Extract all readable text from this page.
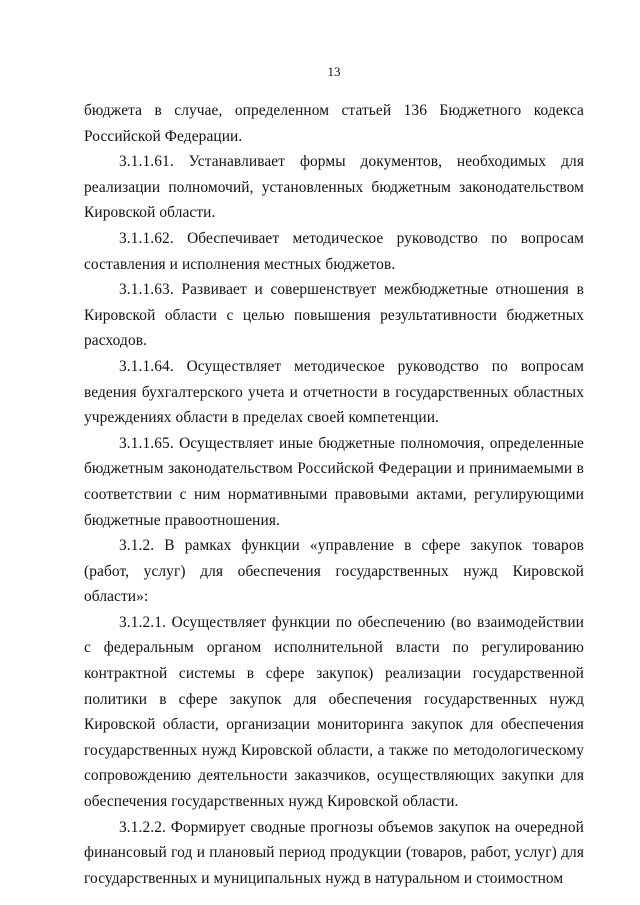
13

бюджета в случае, определенном статьей 136 Бюджетного кодекса Российской Федерации.

3.1.1.61. Устанавливает формы документов, необходимых для реализации полномочий, установленных бюджетным законодательством Кировской области.

3.1.1.62. Обеспечивает методическое руководство по вопросам составления и исполнения местных бюджетов.

3.1.1.63. Развивает и совершенствует межбюджетные отношения в Кировской области с целью повышения результативности бюджетных расходов.

3.1.1.64. Осуществляет методическое руководство по вопросам ведения бухгалтерского учета и отчетности в государственных областных учреждениях области в пределах своей компетенции.

3.1.1.65. Осуществляет иные бюджетные полномочия, определенные бюджетным законодательством Российской Федерации и принимаемыми в соответствии с ним нормативными правовыми актами, регулирующими бюджетные правоотношения.

3.1.2. В рамках функции «управление в сфере закупок товаров (работ, услуг) для обеспечения государственных нужд Кировской области»:

3.1.2.1. Осуществляет функции по обеспечению (во взаимодействии с федеральным органом исполнительной власти по регулированию контрактной системы в сфере закупок) реализации государственной политики в сфере закупок для обеспечения государственных нужд Кировской области, организации мониторинга закупок для обеспечения государственных нужд Кировской области, а также по методологическому сопровождению деятельности заказчиков, осуществляющих закупки для обеспечения государственных нужд Кировской области.

3.1.2.2. Формирует сводные прогнозы объемов закупок на очередной финансовый год и плановый период продукции (товаров, работ, услуг) для государственных и муниципальных нужд в натуральном и стоимостном
